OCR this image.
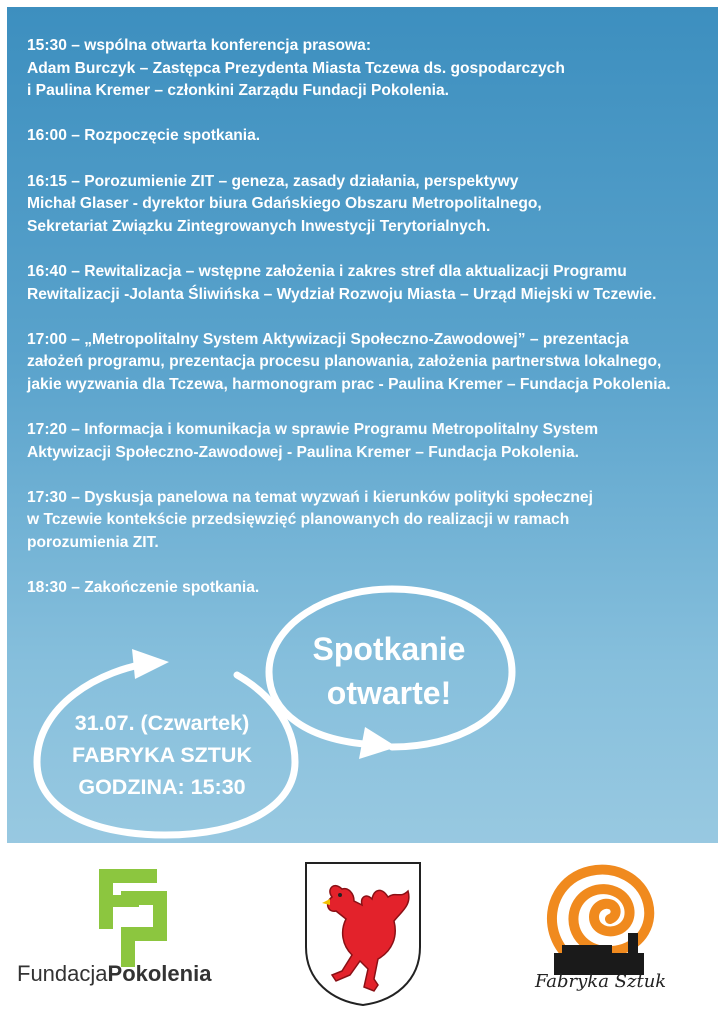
15:30 – wspólna otwarta konferencja prasowa:
Adam Burczyk – Zastępca Prezydenta Miasta Tczewa ds. gospodarczych
i Paulina Kremer – członkini Zarządu Fundacji Pokolenia.
16:00 – Rozpoczęcie spotkania.
16:15 – Porozumienie ZIT – geneza, zasady działania, perspektywy
Michał Glaser - dyrektor biura Gdańskiego Obszaru Metropolitalnego,
Sekretariat Związku Zintegrowanych Inwestycji Terytorialnych.
16:40 – Rewitalizacja – wstępne założenia i zakres stref dla aktualizacji Programu
Rewitalizacji -Jolanta Śliwińska – Wydział Rozwoju Miasta – Urząd Miejski w Tczewie.
17:00 – „Metropolitalny System Aktywizacji Społeczno-Zawodowej” – prezentacja
założeń programu, prezentacja procesu planowania, założenia partnerstwa lokalnego,
jakie wyzwania dla Tczewa, harmonogram prac - Paulina Kremer – Fundacja Pokolenia.
17:20 – Informacja i komunikacja w sprawie Programu Metropolitalny System
Aktywizacji Społeczno-Zawodowej - Paulina Kremer – Fundacja Pokolenia.
17:30 – Dyskusja panelowa na temat wyzwań i kierunków polityki społecznej
w Tczewie kontekście przedsięwzięć planowanych do realizacji w ramach
porozumienia ZIT.
18:30 – Zakończenie spotkania.
Spotkanie
otwarte!
31.07. (Czwartek)
FABRYKA SZTUK
GODZINA: 15:30
FundacjaPokolenia	Fabryka Sztuk
